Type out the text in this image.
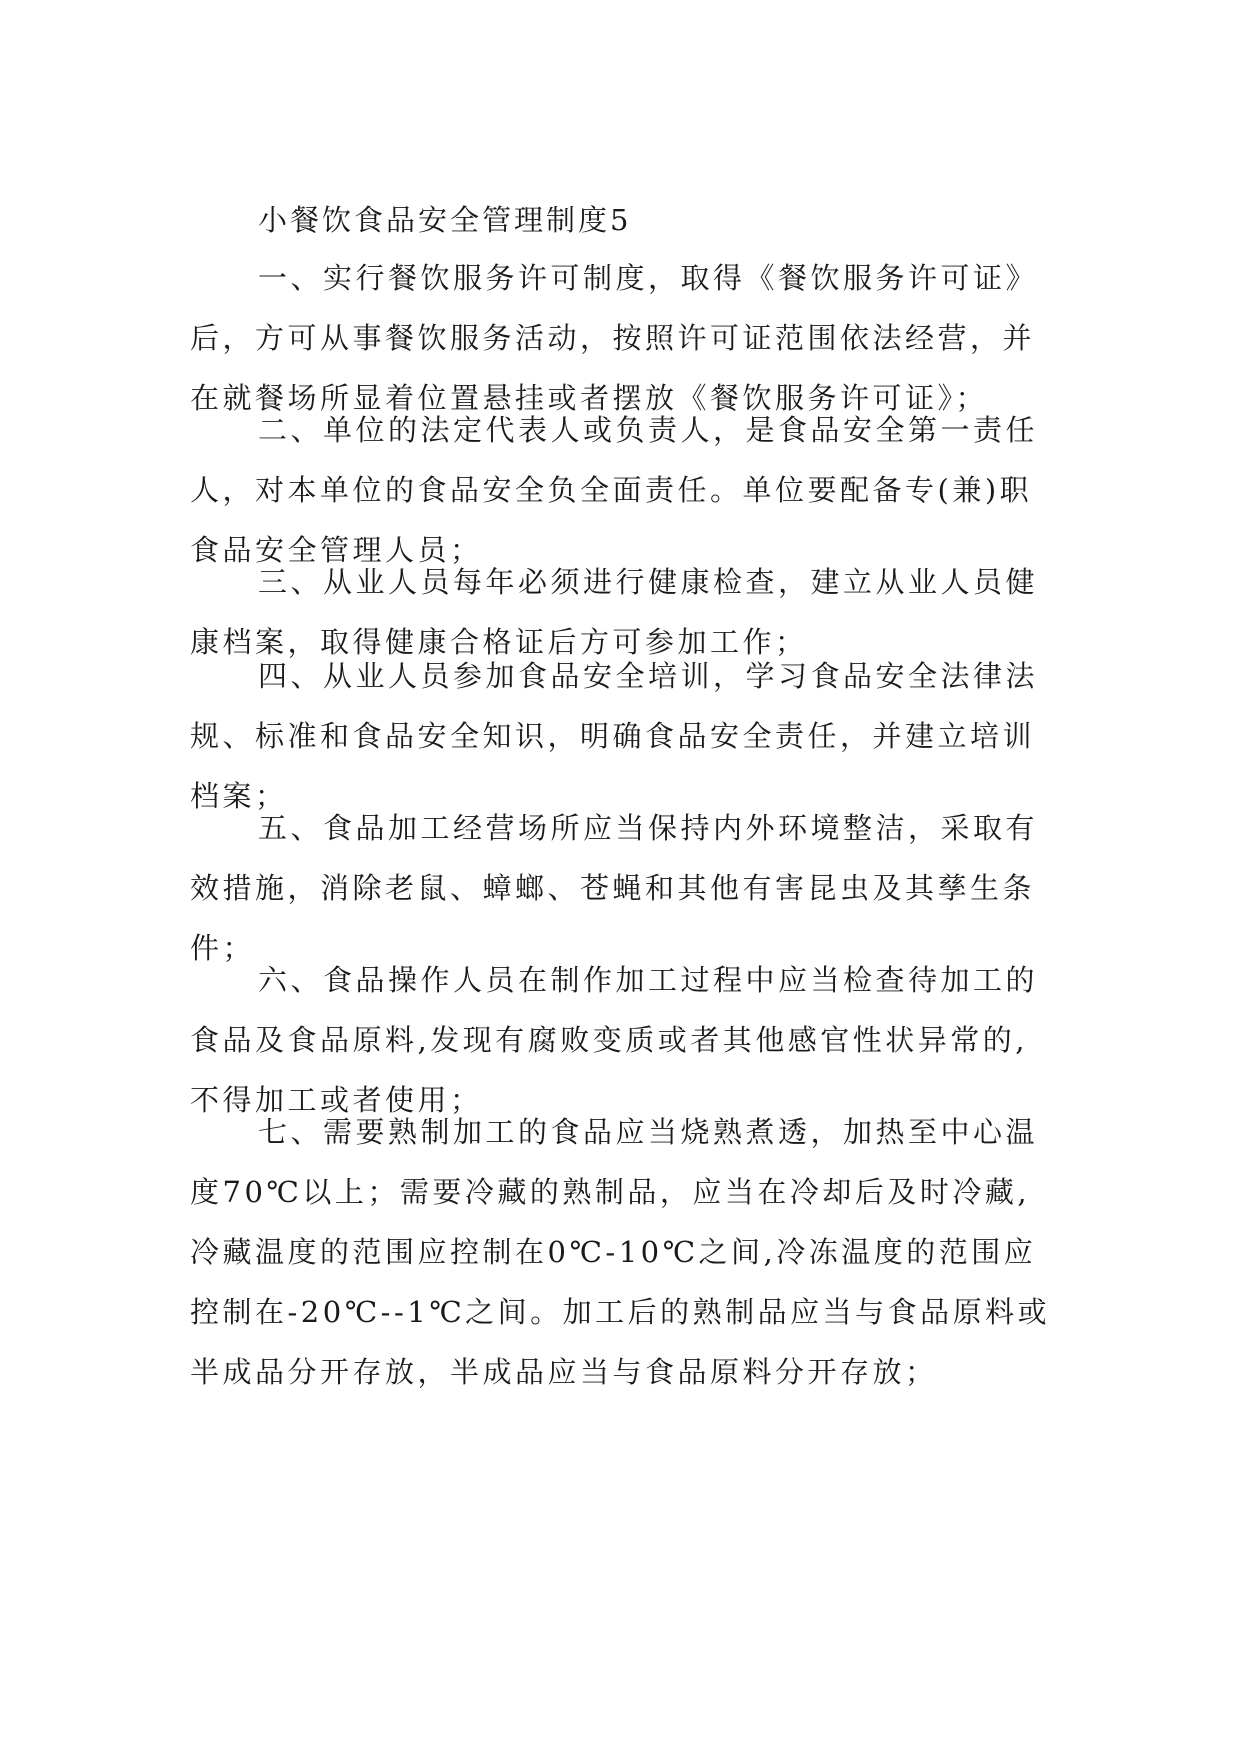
小餐饮食品安全管理制度5
一、实行餐饮服务许可制度，取得《餐饮服务许可证》
后，方可从事餐饮服务活动，按照许可证范围依法经营，并
在就餐场所显着位置悬挂或者摆放《餐饮服务许可证》；
二、单位的法定代表人或负责人，是食品安全第一责任
人，对本单位的食品安全负全面责任。单位要配备专(兼)职
食品安全管理人员；
三、从业人员每年必须进行健康检查，建立从业人员健
康档案，取得健康合格证后方可参加工作；
四、从业人员参加食品安全培训，学习食品安全法律法
规、标准和食品安全知识，明确食品安全责任，并建立培训
档案；
五、食品加工经营场所应当保持内外环境整洁，采取有
效措施，消除老鼠、蟑螂、苍蝇和其他有害昆虫及其孳生条
件；
六、食品操作人员在制作加工过程中应当检查待加工的
食品及食品原料,发现有腐败变质或者其他感官性状异常的,
不得加工或者使用；
七、需要熟制加工的食品应当烧熟煮透，加热至中心温
度70℃以上；需要冷藏的熟制品，应当在冷却后及时冷藏,
冷藏温度的范围应控制在0℃-10℃之间,冷冻温度的范围应
控制在-20℃--1℃之间。加工后的熟制品应当与食品原料或
半成品分开存放，半成品应当与食品原料分开存放；
